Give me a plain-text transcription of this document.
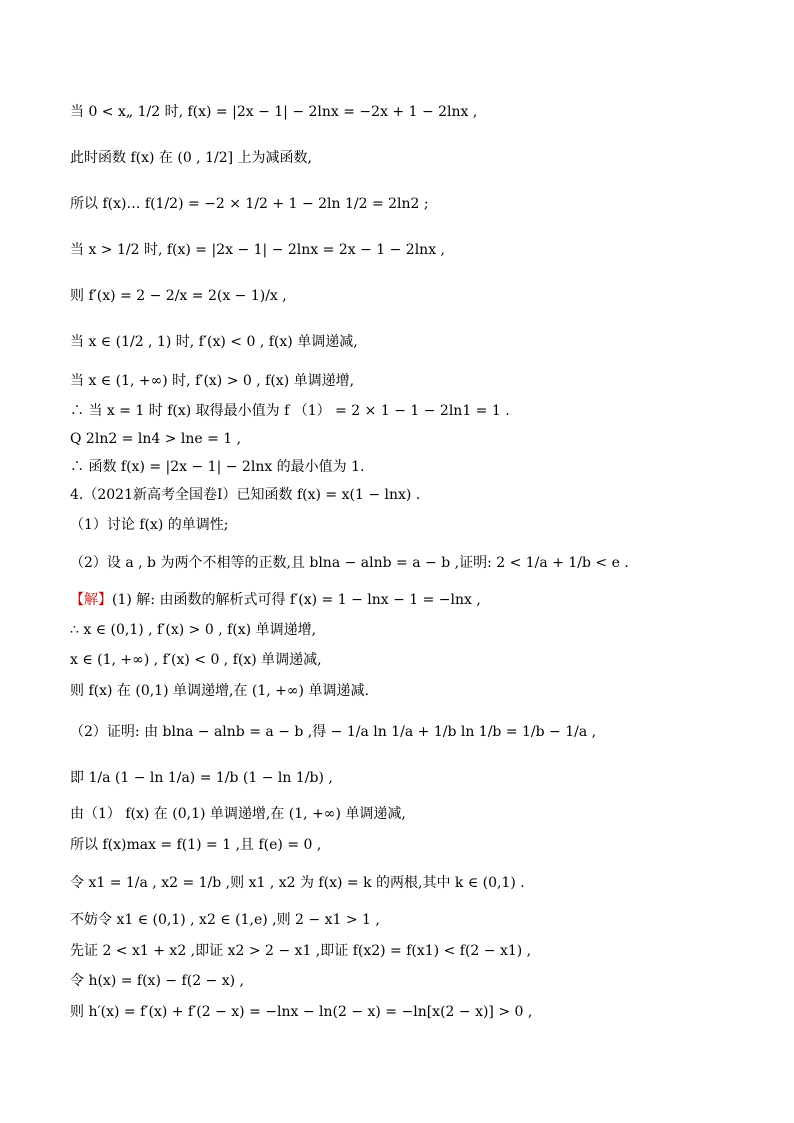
当 0 < x„ 1/2 时, f(x) = |2x − 1| − 2lnx = −2x + 1 − 2lnx ,
此时函数 f(x) 在 (0 , 1/2] 上为减函数,
所以 f(x)… f(1/2) = −2 × 1/2 + 1 − 2ln 1/2 = 2ln2 ;
当 x > 1/2 时, f(x) = |2x − 1| − 2lnx = 2x − 1 − 2lnx ,
则 f′(x) = 2 − 2/x = 2(x − 1)/x ,
当 x ∈ (1/2 , 1) 时, f′(x) < 0 , f(x) 单调递减,
当 x ∈ (1, +∞) 时, f′(x) > 0 , f(x) 单调递增,
∴ 当 x = 1 时 f(x) 取得最小值为 f （1） = 2 × 1 − 1 − 2ln1 = 1 .
Q 2ln2 = ln4 > lne = 1 ,
∴ 函数 f(x) = |2x − 1| − 2lnx 的最小值为 1.
4.（2021新高考全国卷Ⅰ）已知函数 f(x) = x(1 − lnx) .
（1）讨论 f(x) 的单调性;
（2）设 a , b 为两个不相等的正数,且 blna − alnb = a − b ,证明: 2 < 1/a + 1/b < e .
【解】(1) 解: 由函数的解析式可得 f′(x) = 1 − lnx − 1 = −lnx ,
∴ x ∈ (0,1) , f′(x) > 0 , f(x) 单调递增,
x ∈ (1, +∞) , f′(x) < 0 , f(x) 单调递减,
则 f(x) 在 (0,1) 单调递增,在 (1, +∞) 单调递减.
（2）证明: 由 blna − alnb = a − b ,得 − 1/a ln 1/a + 1/b ln 1/b = 1/b − 1/a ,
即 1/a (1 − ln 1/a) = 1/b (1 − ln 1/b) ,
由（1） f(x) 在 (0,1) 单调递增,在 (1, +∞) 单调递减,
所以 f(x)max = f(1) = 1 ,且 f(e) = 0 ,
令 x1 = 1/a , x2 = 1/b ,则 x1 , x2 为 f(x) = k 的两根,其中 k ∈ (0,1) .
不妨令 x1 ∈ (0,1) , x2 ∈ (1,e) ,则 2 − x1 > 1 ,
先证 2 < x1 + x2 ,即证 x2 > 2 − x1 ,即证 f(x2) = f(x1) < f(2 − x1) ,
令 h(x) = f(x) − f(2 − x) ,
则 h′(x) = f′(x) + f′(2 − x) = −lnx − ln(2 − x) = −ln[x(2 − x)] > 0 ,
